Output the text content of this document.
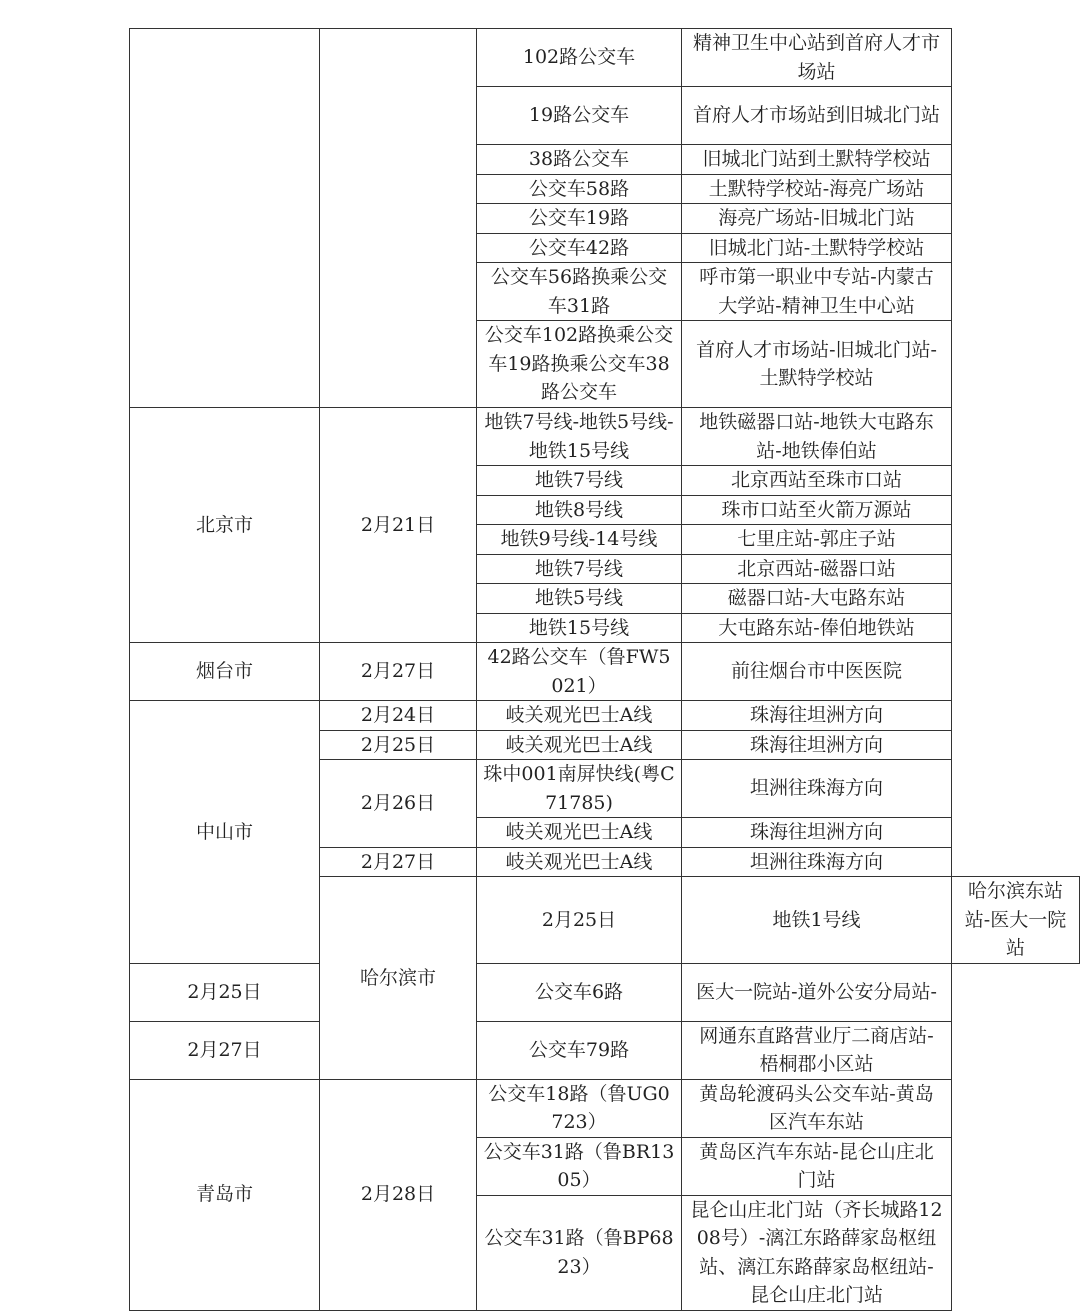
		102路公交车	精神卫生中心站到首府人才市场站	
		19路公交车	首府人才市场站到旧城北门站	
		38路公交车	旧城北门站到土默特学校站	
		公交车58路	土默特学校站-海亮广场站	
		公交车19路	海亮广场站-旧城北门站	
		公交车42路	旧城北门站-土默特学校站	
		公交车56路换乘公交车31路	呼市第一职业中专站-内蒙古大学站-精神卫生中心站	
		公交车102路换乘公交车19路换乘公交车38路公交车	首府人才市场站-旧城北门站-土默特学校站	
北京市	2月21日	地铁7号线-地铁5号线-地铁15号线	地铁磁器口站-地铁大屯路东站-地铁俸伯站	
		地铁7号线	北京西站至珠市口站	
		地铁8号线	珠市口站至火箭万源站	
		地铁9号线-14号线	七里庄站-郭庄子站	
		地铁7号线	北京西站-磁器口站	
		地铁5号线	磁器口站-大屯路东站	
		地铁15号线	大屯路东站-俸伯地铁站	
烟台市	2月27日	42路公交车（鲁FW5021）	前往烟台市中医医院	
中山市	2月24日	岐关观光巴士A线	珠海往坦洲方向	
	2月25日	岐关观光巴士A线	珠海往坦洲方向	
	2月26日	珠中001南屏快线(粤C71785)	坦洲往珠海方向	
		岐关观光巴士A线	珠海往坦洲方向	
	2月27日	岐关观光巴士A线	坦洲往珠海方向	
	哈尔滨市	2月25日	地铁1号线	哈尔滨东站站-医大一院站
2月25日		公交车6路	医大一院站-道外公安分局站-	
2月27日		公交车79路	网通东直路营业厅二商店站-梧桐郡小区站	
青岛市	2月28日	公交车18路（鲁UG0723）	黄岛轮渡码头公交车站-黄岛区汽车东站	
		公交车31路（鲁BR1305）	黄岛区汽车东站-昆仑山庄北门站	
		公交车31路（鲁BP6823）	昆仑山庄北门站（齐长城路1208号）-漓江东路薛家岛枢纽站、漓江东路薛家岛枢纽站-昆仑山庄北门站	
